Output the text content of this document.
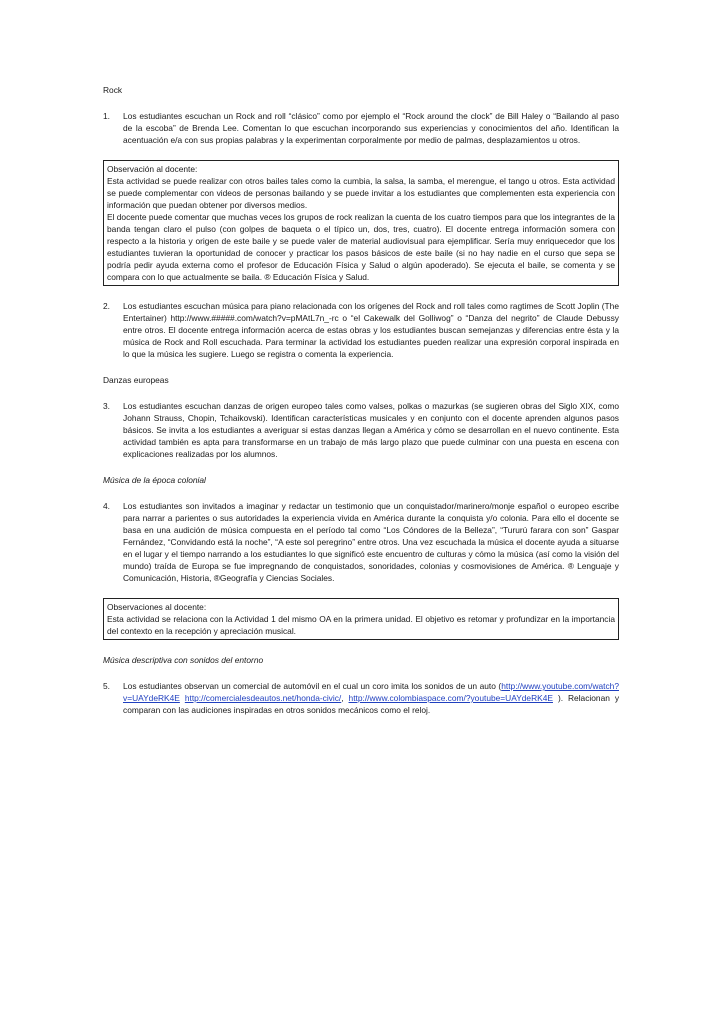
Rock
1.	Los estudiantes escuchan un Rock and roll “clásico” como por ejemplo el “Rock around the clock” de Bill Haley o “Bailando al paso de la escoba” de Brenda Lee. Comentan lo que escuchan incorporando sus experiencias y conocimientos del año. Identifican la acentuación e/a con sus propias palabras y la experimentan corporalmente por medio de palmas, desplazamientos u otros.
Observación al docente:

Esta actividad se puede realizar con otros bailes tales como la cumbia, la salsa, la samba, el merengue, el tango u otros. Esta actividad se puede complementar con videos de personas bailando y se puede invitar a los estudiantes que complementen esta experiencia con información que puedan obtener por diversos medios.

El docente puede comentar que muchas veces los grupos de rock realizan la cuenta de los cuatro tiempos para que los integrantes de la banda tengan claro el pulso (con golpes de baqueta o el típico un, dos, tres, cuatro). El docente entrega información somera con respecto a la historia y origen de este baile y se puede valer de material audiovisual para ejemplificar. Sería muy enriquecedor que los estudiantes tuvieran la oportunidad de conocer y practicar los pasos básicos de este baile (si no hay nadie en el curso que sepa se podría pedir ayuda externa como el profesor de Educación Física y Salud o algún apoderado). Se ejecuta el baile, se comenta y se compara con lo que actualmente se baila. ® Educación Física y Salud.

2.	Los estudiantes escuchan música para piano relacionada con los orígenes del Rock and roll tales como ragtimes de Scott Joplin (The Entertainer) http://www.#####.com/watch?v=pMAtL7n_-rc o “el Cakewalk del Golliwog” o “Danza del negrito” de Claude Debussy entre otros. El docente entrega información acerca de estas obras y los estudiantes buscan semejanzas y diferencias entre ésta y la música de Rock and Roll escuchada. Para terminar la actividad los estudiantes pueden realizar una expresión corporal inspirada en lo que la música les sugiere. Luego se registra o comenta la experiencia.
Danzas europeas
3.	Los estudiantes escuchan danzas de origen europeo tales como valses, polkas o mazurkas (se sugieren obras del Siglo XIX, como Johann Strauss, Chopin, Tchaikovski). Identifican características musicales y en conjunto con el docente aprenden algunos pasos básicos. Se invita a los estudiantes a averiguar si estas danzas llegan a América y cómo se desarrollan en el nuevo continente. Esta actividad también es apta para transformarse en un trabajo de más largo plazo que puede culminar con una puesta en escena con explicaciones realizadas por los alumnos.
Música de la época colonial
4.	Los estudiantes son invitados a imaginar y redactar un testimonio que un conquistador/marinero/monje español o europeo escribe para narrar a parientes o sus autoridades la experiencia vivida en América durante la conquista y/o colonia. Para ello el docente se basa en una audición de música compuesta en el período tal como “Los Cóndores de la Belleza”, “Tururú farara con son” Gaspar Fernández, “Convidando está la noche”, “A este sol peregrino” entre otros. Una vez escuchada la música el docente ayuda a situarse en el lugar y el tiempo narrando a los estudiantes lo que significó este encuentro de culturas y cómo la música (así como la visión del mundo) traída de Europa se fue impregnando de conquistados, sonoridades, colonias y cosmovisiones de América. ® Lenguaje y Comunicación, Historia, ®Geografía y Ciencias Sociales.
Observaciones al docente:

Esta actividad se relaciona con la Actividad 1 del mismo OA en la primera unidad. El objetivo es retomar y profundizar en la importancia del contexto en la recepción y apreciación musical.

Música descriptiva con sonidos del entorno
5.	Los estudiantes observan un comercial de automóvil en el cual un coro imita los sonidos de un auto (http://www.youtube.com/watch?v=UAYdeRK4E http://comercialesdeautos.net/honda-civic/, http://www.colombiaspace.com/?youtube=UAYdeRK4E ). Relacionan y comparan con las audiciones inspiradas en otros sonidos mecánicos como el reloj.
